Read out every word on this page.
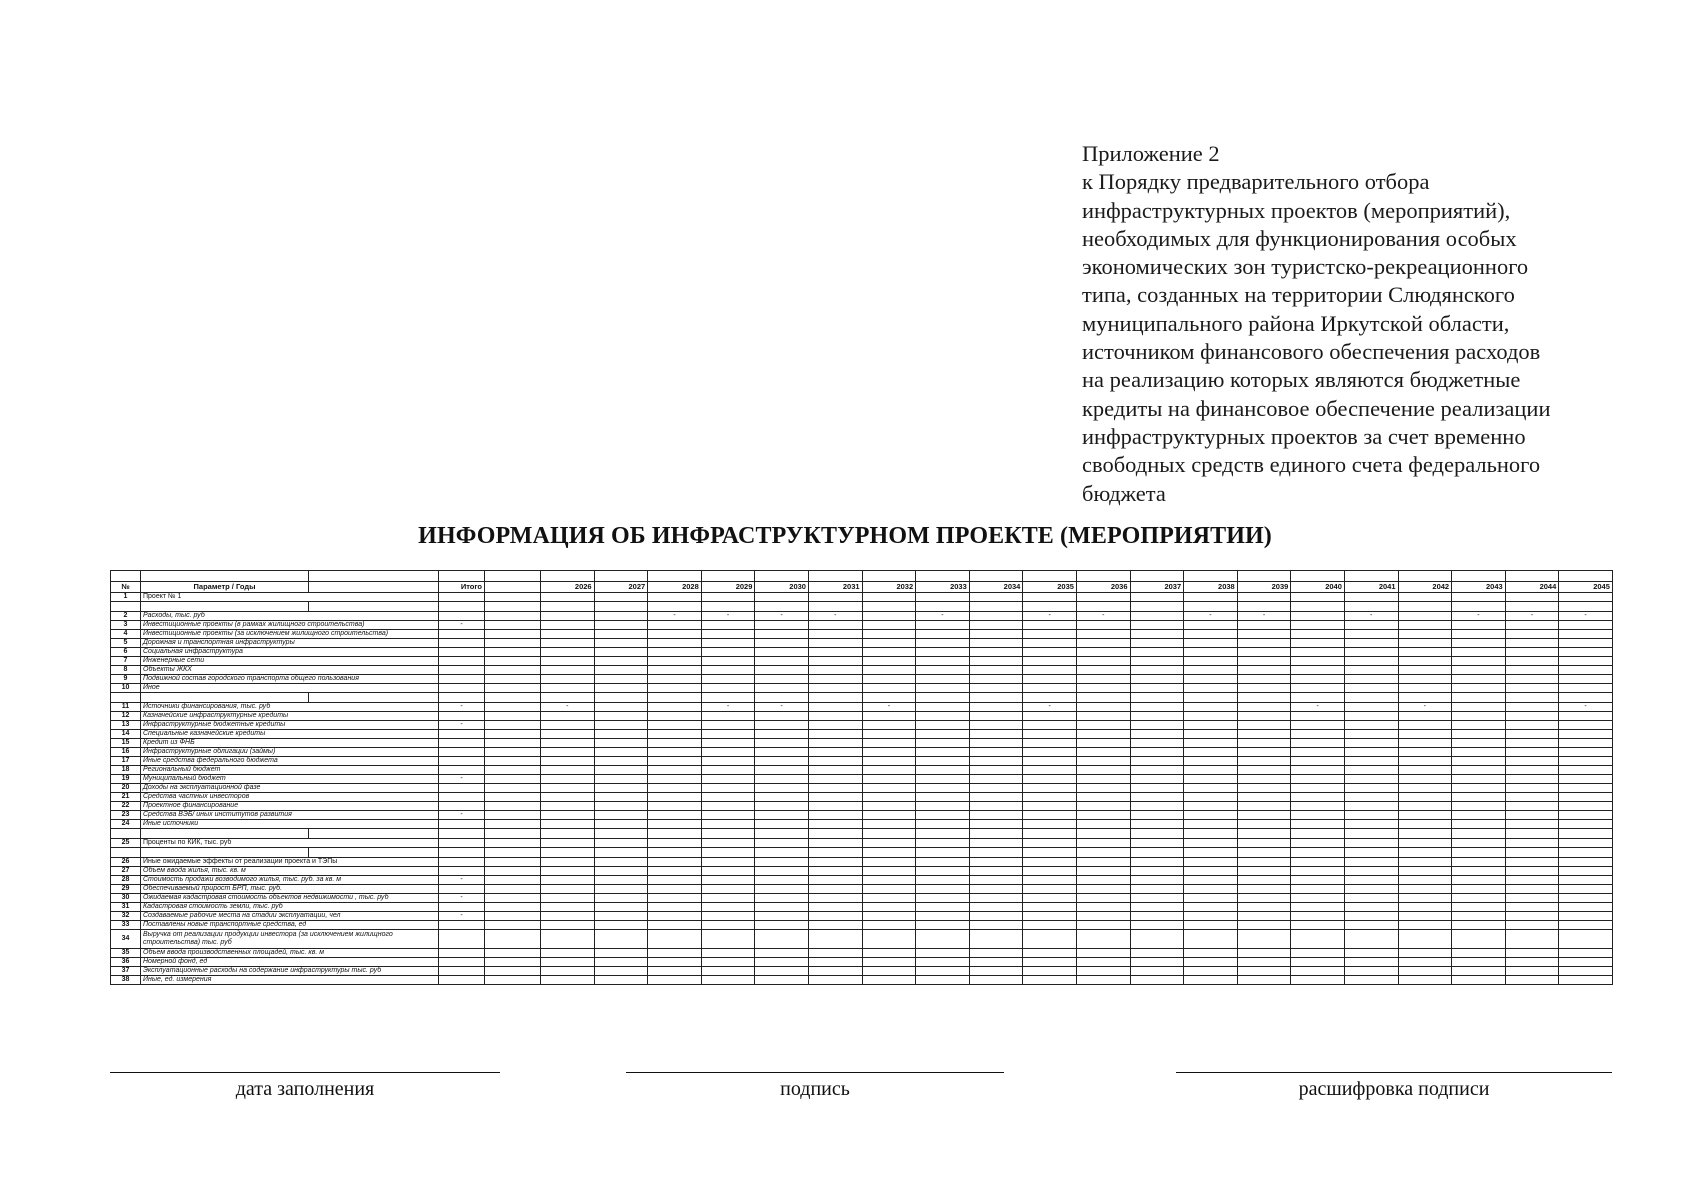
Приложение 2
к Порядку предварительного отбора
инфраструктурных проектов (мероприятий),
необходимых для функционирования особых
экономических зон туристско-рекреационного
типа, созданных на территории Слюдянского
муниципального района Иркутской области,
источником финансового обеспечения расходов
на реализацию которых являются бюджетные
кредиты на финансовое обеспечение реализации
инфраструктурных проектов за счет временно
свободных средств единого счета федерального
бюджета
ИНФОРМАЦИЯ ОБ ИНФРАСТРУКТУРНОМ ПРОЕКТЕ (МЕРОПРИЯТИИ)

№	Параметр / Годы		Итого		2026	2027	2028	2029	2030	2031	2032	2033	2034	2035	2036	2037	2038	2039	2040	2041	2042	2043	2044	2045
1	Проект № 1																							

2	Расходы, тыс. руб						-	-	-	-		-		-	-		-	-		-		-	-	-
3	Инвестиционные проекты (в рамках жилищного строительства)		-																					
4	Инвестиционные проекты (за исключением жилищного строительства)																							
5	Дорожная и транспортная инфраструктуры																							
6	Социальная инфраструктура																							
7	Инженерные сети																							
8	Объекты ЖКХ																							
9	Подвижной состав городского транспорта общего пользования																							
10	Иное																							

11	Источники финансирования, тыс. руб		-		-			-	-		-			-					-		-			-
12	Казначейские инфраструктурные кредиты																							
13	Инфраструктурные бюджетные кредиты		-																					
14	Специальные казначейские кредиты																							
15	Кредит из ФНБ																							
16	Инфраструктурные облигации (займы)																							
17	Иные средства федерального бюджета																							
18	Региональный бюджет																							
19	Муниципальный бюджет		-																					
20	Доходы на эксплуатационной фазе																							
21	Средства частных инвесторов																							
22	Проектное финансирование																							
23	Средства ВЭБ/ иных институтов развития		-																					
24	Иные источники																							

25	Проценты по КИК, тыс. руб																							

26	Иные ожидаемые эффекты от реализации проекта и ТЭПы																							
27	Объем ввода жилья, тыс. кв. м																							
28	Стоимость продажи возводимого жилья, тыс. руб. за кв. м		-																					
29	Обеспечиваемый прирост БРП, тыс. руб.																							
30	Ожидаемая кадастровая стоимость объектов недвижимости , тыс. руб		-																					
31	Кадастровая стоимость земли, тыс. руб																							
32	Создаваемые рабочие места на стадии эксплуатации, чел		-																					
33	Поставлены новые транспортные средства, ед																							
34	Выручка от реализации продукции инвестора (за исключением жилищного строительства) тыс. руб																							
35	Объем ввода производственных площадей, тыс. кв. м																							
36	Номерной фонд, ед																							
37	Эксплуатационные расходы на содержание инфраструктуры тыс. руб																							
38	Иные, ед. измерения																							
дата заполнения	подпись	расшифровка подписи
